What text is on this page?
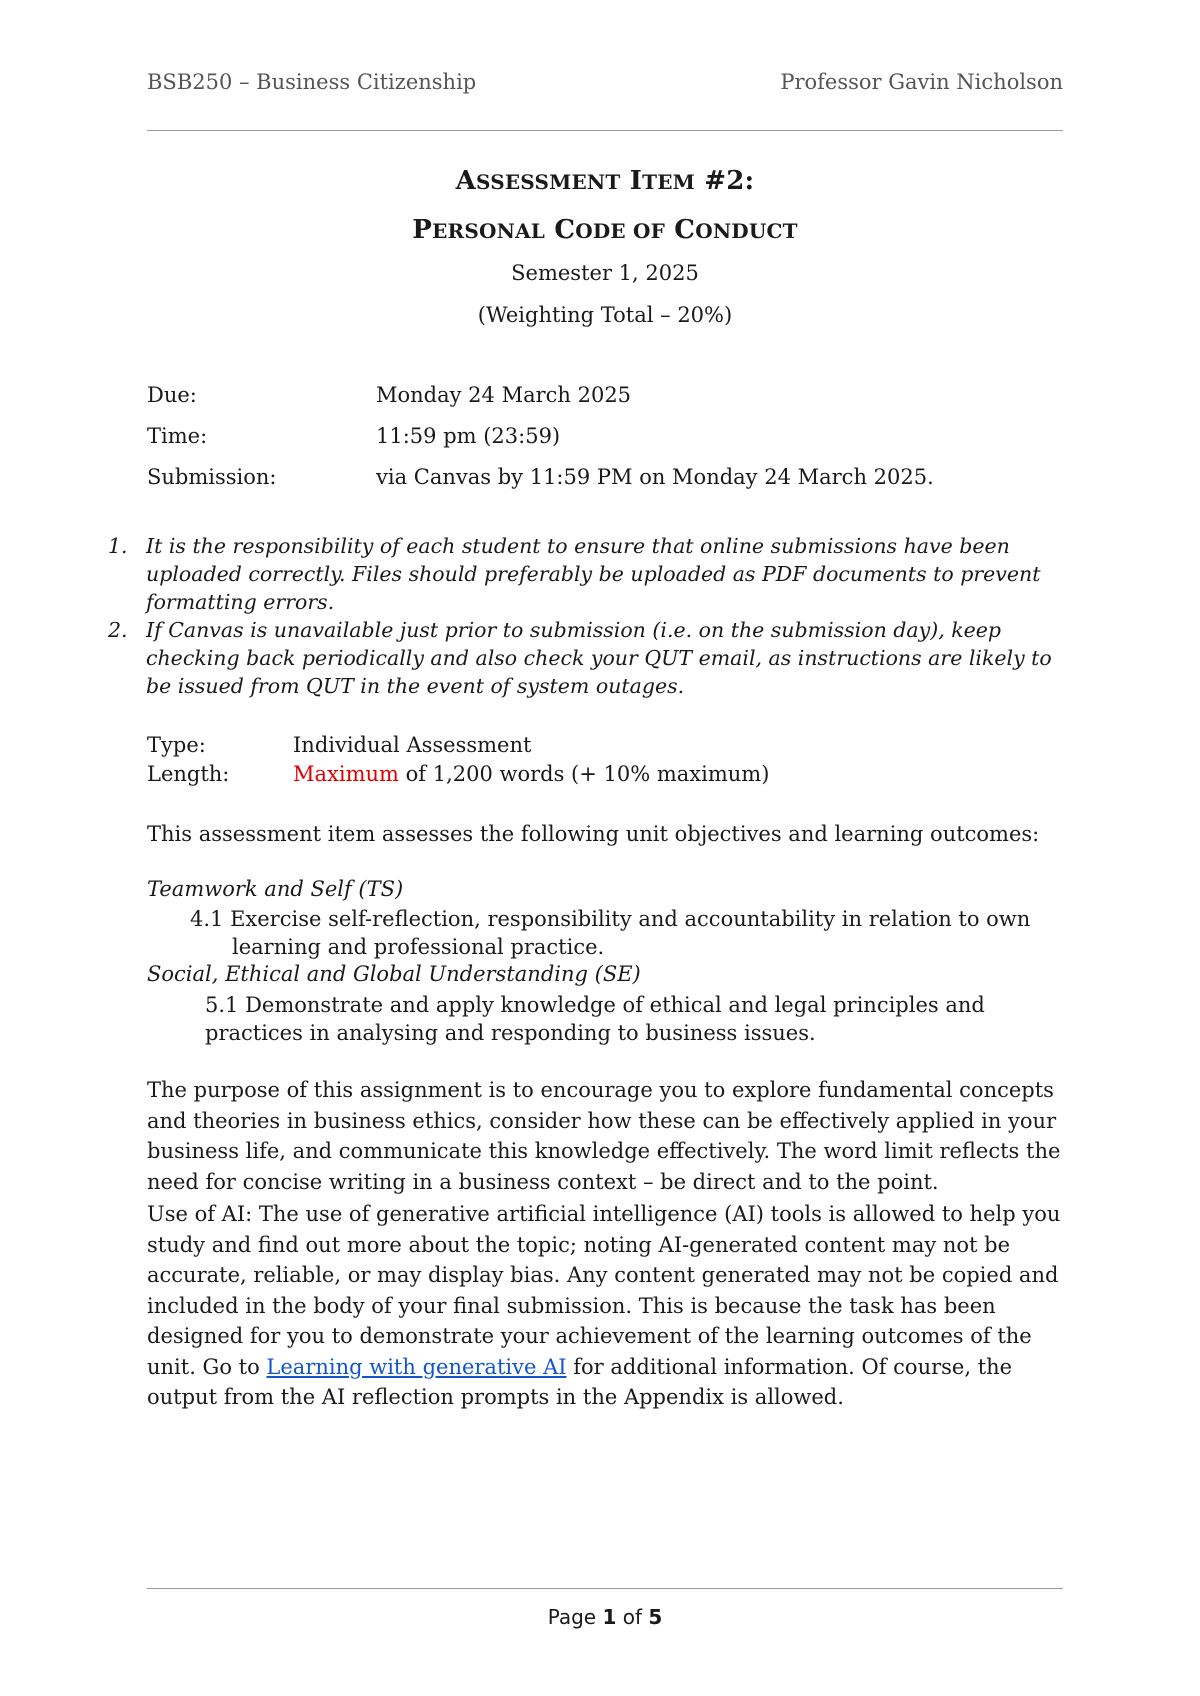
BSB250 – Business Citizenship	Professor Gavin Nicholson
ASSESSMENT ITEM #2:
PERSONAL CODE OF CONDUCT
Semester 1, 2025
(Weighting Total – 20%)
Due:	Monday 24 March 2025
Time:	11:59 pm (23:59)
Submission:	via Canvas by 11:59 PM on Monday 24 March 2025.
1. It is the responsibility of each student to ensure that online submissions have been uploaded correctly. Files should preferably be uploaded as PDF documents to prevent formatting errors.
2. If Canvas is unavailable just prior to submission (i.e. on the submission day), keep checking back periodically and also check your QUT email, as instructions are likely to be issued from QUT in the event of system outages.
Type:	Individual Assessment
Length:	Maximum of 1,200 words (+ 10% maximum)
This assessment item assesses the following unit objectives and learning outcomes:
Teamwork and Self (TS)
4.1 Exercise self-reflection, responsibility and accountability in relation to own learning and professional practice.
Social, Ethical and Global Understanding (SE)
5.1 Demonstrate and apply knowledge of ethical and legal principles and practices in analysing and responding to business issues.
The purpose of this assignment is to encourage you to explore fundamental concepts and theories in business ethics, consider how these can be effectively applied in your business life, and communicate this knowledge effectively. The word limit reflects the need for concise writing in a business context – be direct and to the point.
Use of AI: The use of generative artificial intelligence (AI) tools is allowed to help you study and find out more about the topic; noting AI-generated content may not be accurate, reliable, or may display bias. Any content generated may not be copied and included in the body of your final submission. This is because the task has been designed for you to demonstrate your achievement of the learning outcomes of the unit. Go to Learning with generative AI for additional information. Of course, the output from the AI reflection prompts in the Appendix is allowed.
Page 1 of 5
